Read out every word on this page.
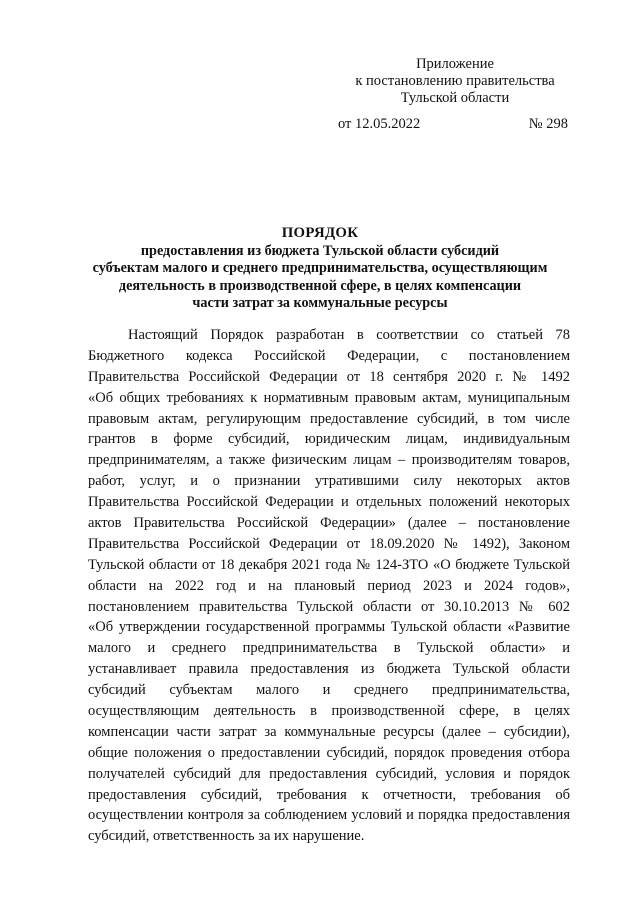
Приложение
к постановлению правительства
Тульской области
от 12.05.2022	№ 298
ПОРЯДОК
предоставления из бюджета Тульской области субсидий
субъектам малого и среднего предпринимательства, осуществляющим
деятельность в производственной сфере, в целях компенсации
части затрат за коммунальные ресурсы
Настоящий Порядок разработан в соответствии со статьей 78
Бюджетного кодекса Российской Федерации, с постановлением
Правительства Российской Федерации от 18 сентября 2020 г. № 1492
«Об общих требованиях к нормативным правовым актам, муниципальным
правовым актам, регулирующим предоставление субсидий, в том числе
грантов в форме субсидий, юридическим лицам, индивидуальным
предпринимателям, а также физическим лицам – производителям товаров,
работ, услуг, и о признании утратившими силу некоторых актов
Правительства Российской Федерации и отдельных положений некоторых
актов Правительства Российской Федерации» (далее – постановление
Правительства Российской Федерации от 18.09.2020 № 1492), Законом
Тульской области от 18 декабря 2021 года № 124-ЗТО «О бюджете Тульской
области на 2022 год и на плановый период 2023 и 2024 годов»,
постановлением правительства Тульской области от 30.10.2013 № 602
«Об утверждении государственной программы Тульской области «Развитие
малого и среднего предпринимательства в Тульской области» и
устанавливает правила предоставления из бюджета Тульской области
субсидий субъектам малого и среднего предпринимательства,
осуществляющим деятельность в производственной сфере, в целях
компенсации части затрат за коммунальные ресурсы (далее – субсидии),
общие положения о предоставлении субсидий, порядок проведения отбора
получателей субсидий для предоставления субсидий, условия и порядок
предоставления субсидий, требования к отчетности, требования об
осуществлении контроля за соблюдением условий и порядка предоставления
субсидий, ответственность за их нарушение.
